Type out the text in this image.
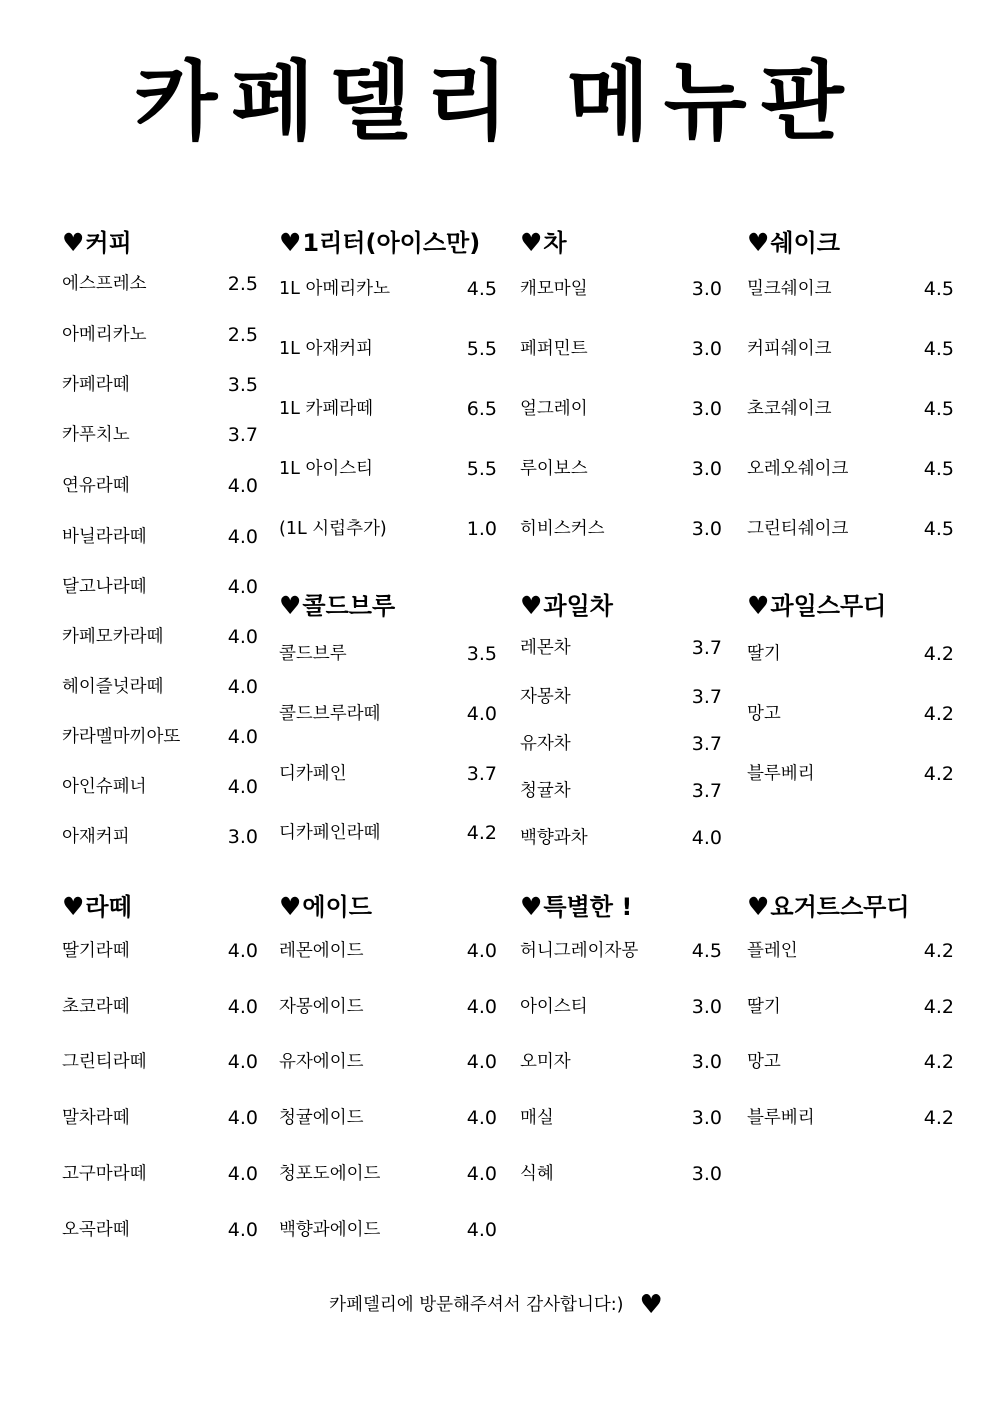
카페델리 메뉴판
♥커피
에스프레소	2.5
아메리카노	2.5
카페라떼	3.5
카푸치노	3.7
연유라떼	4.0
바닐라라떼	4.0
달고나라떼	4.0
카페모카라떼	4.0
헤이즐넛라떼	4.0
카라멜마끼아또 4.0
아인슈페너	4.0
아재커피	3.0
♥1리터(아이스만)
1L 아메리카노	4.5
1L 아재커피	5.5
1L 카페라떼	6.5
1L 아이스티	5.5
(1L 시럽추가)	1.0
♥차
캐모마일	3.0
페퍼민트	3.0
얼그레이	3.0
루이보스	3.0
히비스커스	3.0
♥쉐이크
밀크쉐이크	4.5
커피쉐이크	4.5
초코쉐이크	4.5
오레오쉐이크	4.5
그린티쉐이크	4.5
♥콜드브루
콜드브루	3.5
콜드브루라떼	4.0
디카페인	3.7
디카페인라떼	4.2
♥과일차
레몬차	3.7
자몽차	3.7
유자차	3.7
청귤차	3.7
백향과차	4.0
♥과일스무디
딸기	4.2
망고	4.2
블루베리	4.2
♥라떼
딸기라떼	4.0
초코라떼	4.0
그린티라떼	4.0
말차라떼	4.0
고구마라떼	4.0
오곡라떼	4.0
♥에이드
레몬에이드	4.0
자몽에이드	4.0
유자에이드	4.0
청귤에이드	4.0
청포도에이드	4.0
백향과에이드	4.0
♥특별한 !
허니그레이자몽	4.5
아이스티	3.0
오미자	3.0
매실	3.0
식혜	3.0
♥요거트스무디
플레인	4.2
딸기	4.2
망고	4.2
블루베리	4.2
카페델리에 방문해주셔서 감사합니다:) ♥
